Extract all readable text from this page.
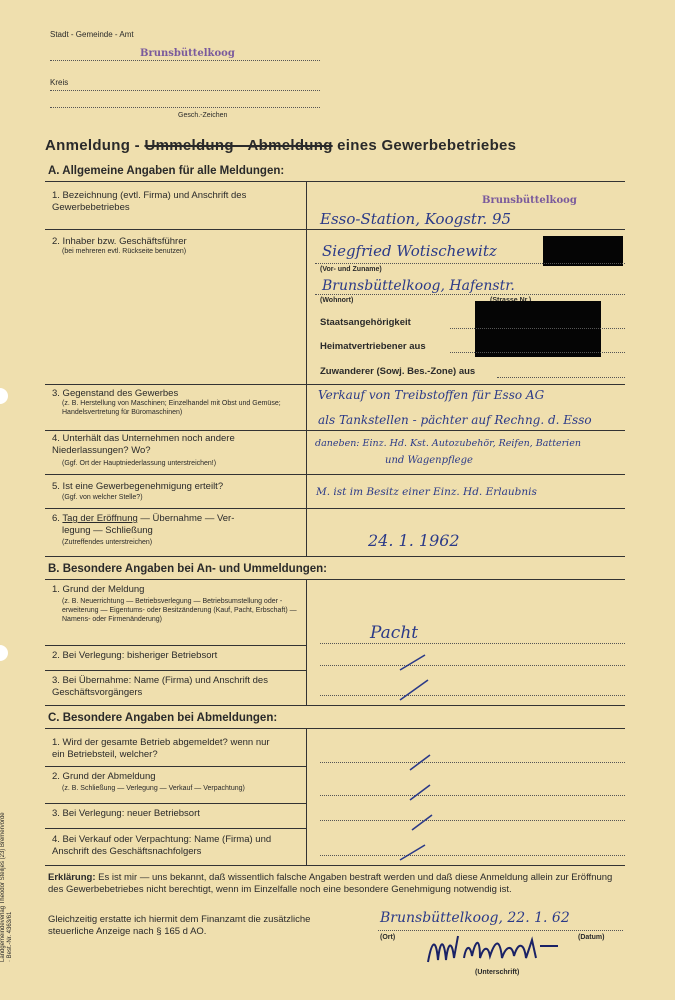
Stadt - Gemeinde - Amt
Brunsbüttelkoog
Kreis
Gesch.-Zeichen
Anmeldung - Ummeldung - Abmeldung eines Gewerbebetriebes
A. Allgemeine Angaben für alle Meldungen:
1. Bezeichnung (evtl. Firma) und Anschrift des Gewerbebetriebes
Brunsbüttelkoog
Esso-Station, Koogstr. 95
2. Inhaber bzw. Geschäftsführer
(bei mehreren evtl. Rückseite benutzen)	Siegfried Wotischewitz
(Vor- und Zuname)
Brunsbüttelkoog, Hafenstr.
(Wohnort)
Staatsangehörigkeit
Heimatvertriebener aus
Zuwanderer (Sowj. Bes.-Zone) aus
3. Gegenstand des Gewerbes
(z. B. Herstellung von Maschinen; Einzelhandel mit Obst und Gemüse; Handelsvertretung für Büromaschinen)
Verkauf von Treibstoffen für Esso AG
als Tankstellen - pächter auf Rechng. d. Esso
4. Unterhält das Unternehmen noch andere Niederlassungen? Wo?
(Ggf. Ort der Hauptniederlassung unterstreichen!)
daneben: Einz. Hd. Kst. Autozubehör, Reifen, Batterien
und Wagenpflege
5. Ist eine Gewerbegenehmigung erteilt?
(Ggf. von welcher Stelle?)	M. ist im Besitz einer Einz. Hd. Erlaubnis
6. Tag der Eröffnung — Übernahme — Ver-
legung — Schließung
(Zutreffendes unterstreichen)	24. 1. 1962
B. Besondere Angaben bei An- und Ummeldungen:
1. Grund der Meldung
(z. B. Neuerrichtung — Betriebsverlegung — Betriebsumstellung oder -erweiterung — Eigentums- oder Besitzänderung (Kauf, Pacht, Erbschaft) — Namens- oder Firmenänderung)
Pacht
2. Bei Verlegung: bisheriger Betriebsort
3. Bei Übernahme: Name (Firma) und Anschrift des Geschäftsvorgängers
C. Besondere Angaben bei Abmeldungen:
1. Wird der gesamte Betrieb abgemeldet? wenn nur ein Betriebsteil, welcher?
2. Grund der Abmeldung
(z. B. Schließung — Verlegung — Verkauf — Verpachtung)
3. Bei Verlegung: neuer Betriebsort
4. Bei Verkauf oder Verpachtung: Name (Firma) und Anschrift des Geschäftsnachfolgers
Erklärung: Es ist mir — uns bekannt, daß wissentlich falsche Angaben bestraft werden und daß diese Anmeldung allein zur Eröffnung des Gewerbebetriebes nicht berechtigt, wenn im Einzelfalle noch eine besondere Genehmigung notwendig ist.
Gleichzeitig erstatte ich hiermit dem Finanzamt die zusätzliche steuerliche Anzeige nach § 165 d AO.
Brunsbüttelkoog, 22. 1. 62
(Ort)	(Datum)
(Unterschrift)
Landgemeindeverlag Theodor Steiljes (23) Bremervörde · Best.-Nr. 4363/61
